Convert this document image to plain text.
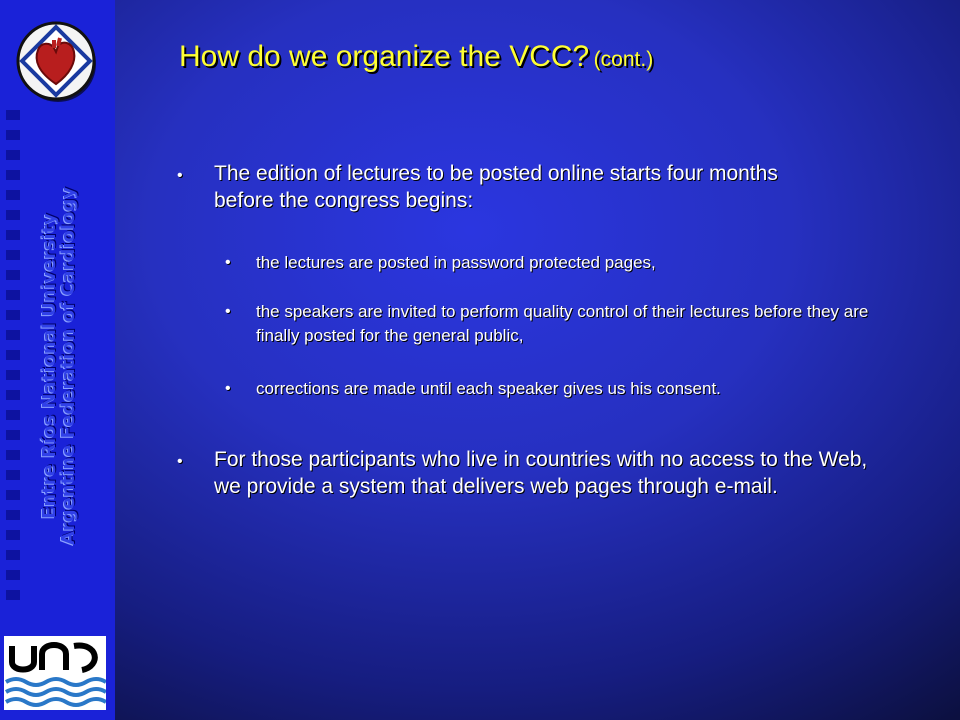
Entre Ríos National University
Argentine Federation of Cardiology
How do we organize the VCC? (cont.)
• The edition of lectures to be posted online starts four months before the congress begins:
• the lectures are posted in password protected pages,
• the speakers are invited to perform quality control of their lectures before they are finally posted for the general public,
• corrections are made until each speaker gives us his consent.
• For those participants who live in countries with no access to the Web, we provide a system that delivers web pages through e-mail.
